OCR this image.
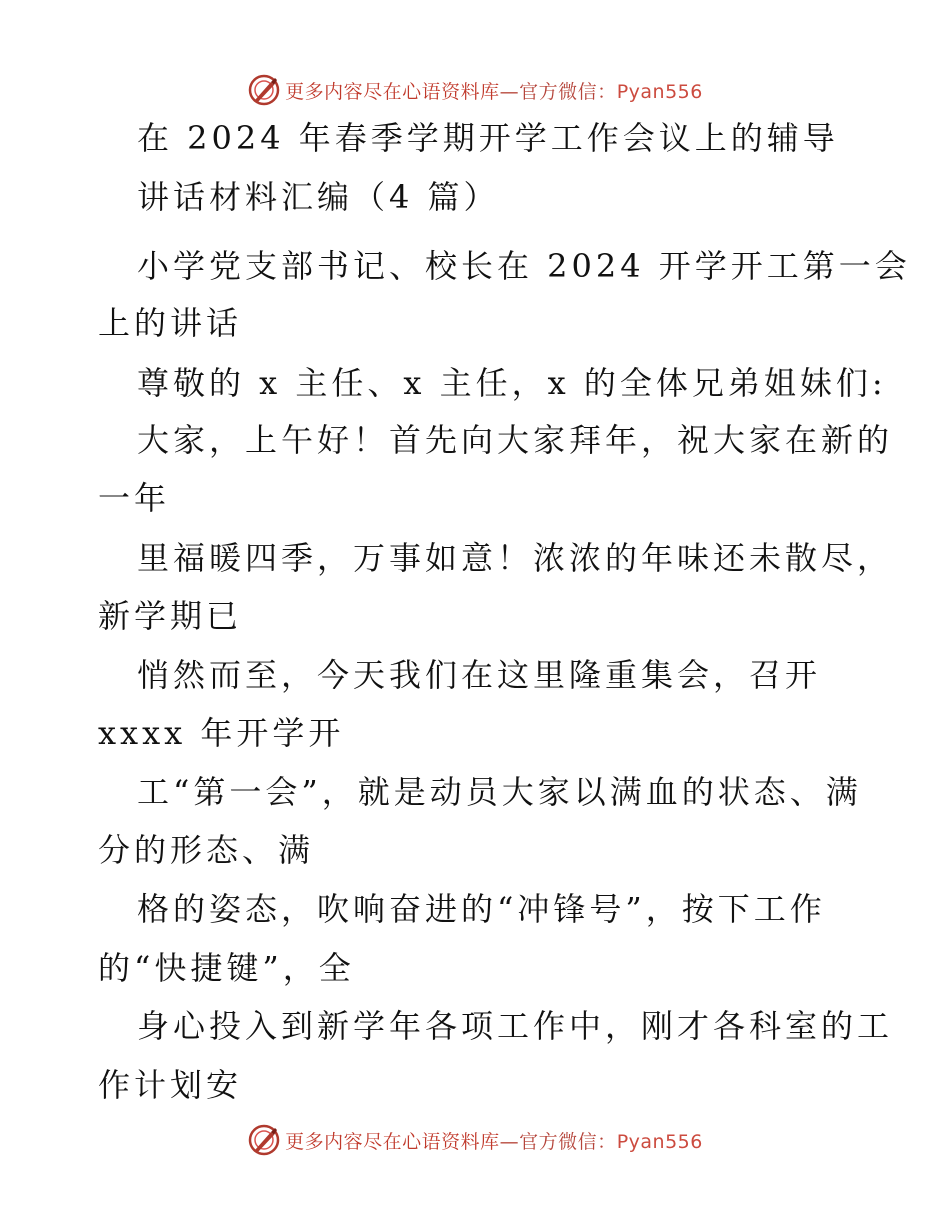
更多内容尽在心语资料库—官方微信：Pyan556
在 2024 年春季学期开学工作会议上的辅导
讲话材料汇编（4 篇）
小学党支部书记、校长在 2024 开学开工第一会
上的讲话
尊敬的 x 主任、x 主任，x 的全体兄弟姐妹们:
大家，上午好！首先向大家拜年，祝大家在新的
一年
里福暖四季，万事如意！浓浓的年味还未散尽，
新学期已
悄然而至，今天我们在这里隆重集会，召开
xxxx 年开学开
工“第一会”，就是动员大家以满血的状态、满
分的形态、满
格的姿态，吹响奋进的“冲锋号”，按下工作
的“快捷键”，全
身心投入到新学年各项工作中，刚才各科室的工
作计划安
更多内容尽在心语资料库—官方微信：Pyan556
